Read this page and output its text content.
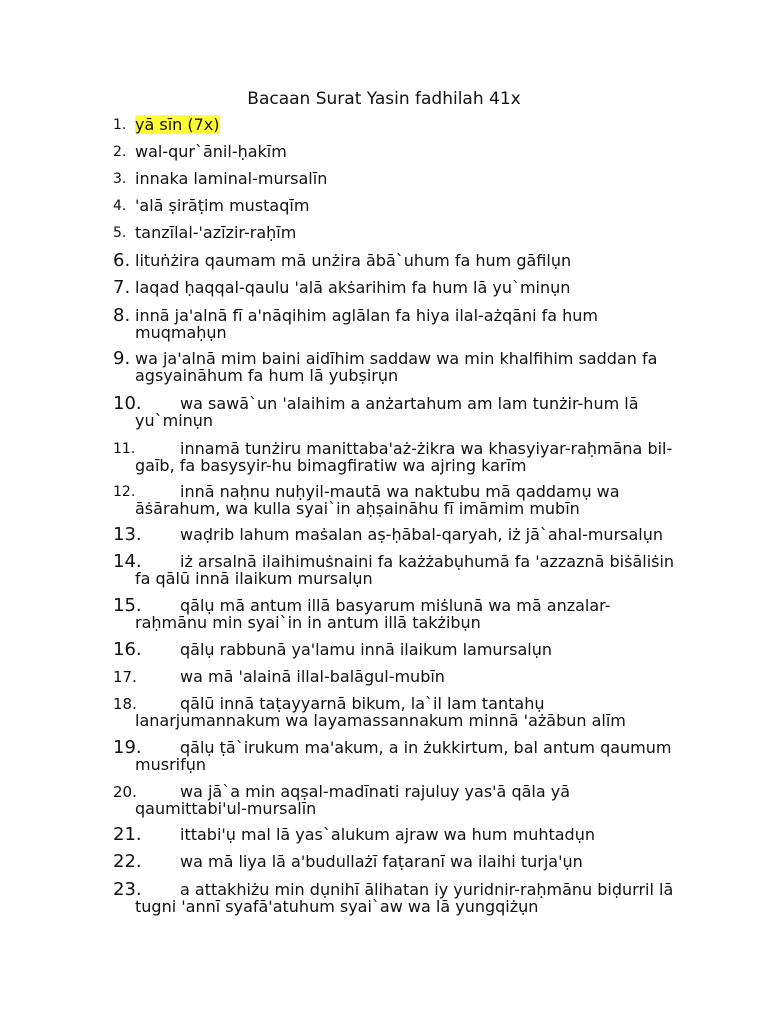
Bacaan Surat Yasin fadhilah 41x
1. yā sīn (7x)
2. wal-qur`ānil-ḥakīm
3. innaka laminal-mursalīn
4. 'alā ṣirāṭim mustaqīm
5. tanzīlal-'azīzir-raḥīm
6. lituṅżira qaumam mā unżira ābā`uhum fa hum gāfilụn
7. laqad ḥaqqal-qaulu 'alā akṡarihim fa hum lā yu`minụn
8. innā ja'alnā fī a'nāqihim aglālan fa hiya ilal-ażqāni fa hum muqmaḥụn
9. wa ja'alnā mim baini aidīhim saddaw wa min khalfihim saddan fa agsyaināhum fa hum lā yubṣirụn
10.	wa sawā`un 'alaihim a anżartahum am lam tunżir-hum lā yu`minụn
11.	innamā tunżiru manittaba'aż-żikra wa khasyiyar-raḥmāna bil-gaīb, fa basysyir-hu bimagfiratiw wa ajring karīm
12.	innā naḥnu nuḥyil-mautā wa naktubu mā qaddamụ wa āṡārahum, wa kulla syai`in aḥṣaināhu fī imāmim mubīn
13.	waḍrib lahum maṡalan aṣ-ḥābal-qaryah, iż jā`ahal-mursalụn
14.	iż arsalnā ilaihimuṡnaini fa każżabụhumā fa 'azzaznā biṡāliṡin fa qālū innā ilaikum mursalụn
15.	qālụ mā antum illā basyarum miṡlunā wa mā anzalar-raḥmānu min syai`in in antum illā takżibụn
16.	qālụ rabbunā ya'lamu innā ilaikum lamursalụn
17.	wa mā 'alainā illal-balāgul-mubīn
18.	qālū innā taṭayyarnā bikum, la`il lam tantahụ lanarjumannakum wa layamassannakum minnā 'ażābun alīm
19.	qālụ ṭā`irukum ma'akum, a in żukkirtum, bal antum qaumum musrifụn
20.	wa jā`a min aqṣal-madīnati rajuluy yas'ā qāla yā qaumittabi'ul-mursalīn
21.	ittabi'ụ mal lā yas`alukum ajraw wa hum muhtadụn
22.	wa mā liya lā a'budullażī faṭaranī wa ilaihi turja'ụn
23.	a attakhiżu min dụnihī ālihatan iy yuridnir-raḥmānu biḍurril lā tugni 'annī syafā'atuhum syai`aw wa lā yungqiżụn
